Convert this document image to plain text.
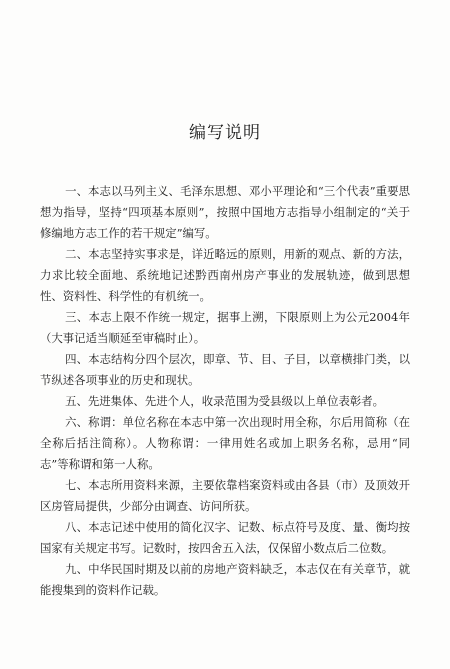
编写说明

一、本志以马列主义、毛泽东思想、邓小平理论和“三个代表”重要思想为指导，坚持“四项基本原则”，按照中国地方志指导小组制定的“关于修编地方志工作的若干规定”编写。

二、本志坚持实事求是，详近略远的原则，用新的观点、新的方法，力求比较全面地、系统地记述黔西南州房产事业的发展轨迹，做到思想性、资料性、科学性的有机统一。

三、本志上限不作统一规定，据事上溯，下限原则上为公元2004年（大事记适当顺延至审稿时止）。

四、本志结构分四个层次，即章、节、目、子目，以章横排门类，以节纵述各项事业的历史和现状。

五、先进集体、先进个人，收录范围为受县级以上单位表彰者。

六、称谓：单位名称在本志中第一次出现时用全称，尔后用简称（在全称后括注简称）。人物称谓：一律用姓名或加上职务名称，忌用“同志”等称谓和第一人称。

七、本志所用资料来源，主要依靠档案资料或由各县（市）及顶效开区房管局提供，少部分由调查、访问所获。

八、本志记述中使用的简化汉字、记数、标点符号及度、量、衡均按国家有关规定书写。记数时，按四舍五入法，仅保留小数点后二位数。

九、中华民国时期及以前的房地产资料缺乏，本志仅在有关章节，就能搜集到的资料作记载。
